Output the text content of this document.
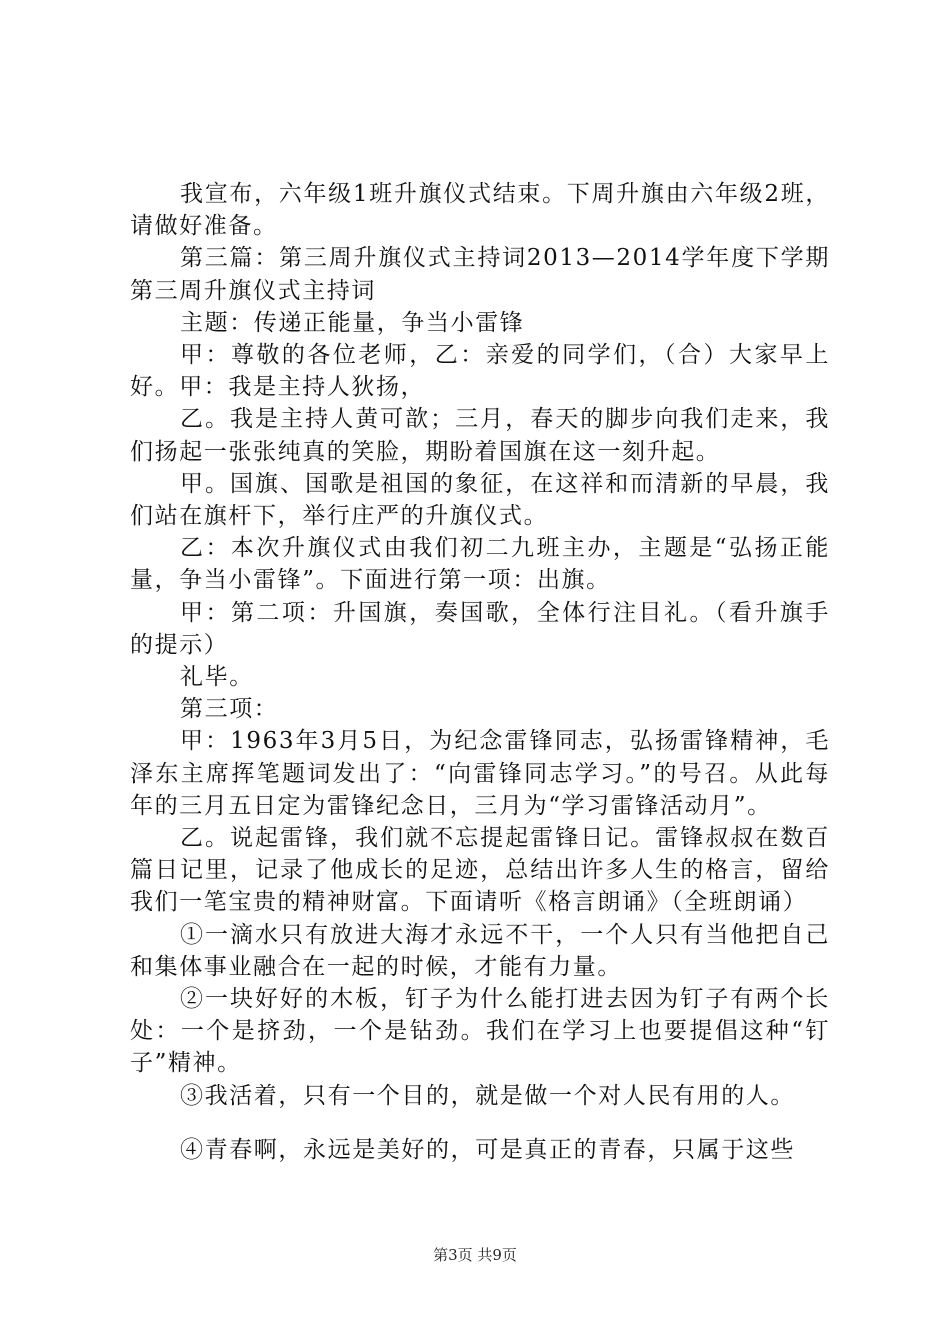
我宣布，六年级1班升旗仪式结束。下周升旗由六年级2班，请做好准备。

第三篇：第三周升旗仪式主持词2013—2014学年度下学期第三周升旗仪式主持词

主题：传递正能量，争当小雷锋

甲：尊敬的各位老师，乙：亲爱的同学们，（合）大家早上好。甲：我是主持人狄扬，

乙。我是主持人黄可歆；三月，春天的脚步向我们走来，我们扬起一张张纯真的笑脸，期盼着国旗在这一刻升起。

甲。国旗、国歌是祖国的象征，在这祥和而清新的早晨，我们站在旗杆下，举行庄严的升旗仪式。

乙：本次升旗仪式由我们初二九班主办，主题是“弘扬正能量，争当小雷锋”。下面进行第一项：出旗。

甲：第二项：升国旗，奏国歌，全体行注目礼。（看升旗手的提示）

礼毕。

第三项：

甲：1963年3月5日，为纪念雷锋同志，弘扬雷锋精神，毛泽东主席挥笔题词发出了：“向雷锋同志学习。”的号召。从此每年的三月五日定为雷锋纪念日，三月为“学习雷锋活动月”。

乙。说起雷锋，我们就不忘提起雷锋日记。雷锋叔叔在数百篇日记里，记录了他成长的足迹，总结出许多人生的格言，留给我们一笔宝贵的精神财富。下面请听《格言朗诵》（全班朗诵）

①一滴水只有放进大海才永远不干，一个人只有当他把自己和集体事业融合在一起的时候，才能有力量。

②一块好好的木板，钉子为什么能打进去因为钉子有两个长处：一个是挤劲，一个是钻劲。我们在学习上也要提倡这种“钉子”精神。

③我活着，只有一个目的，就是做一个对人民有用的人。

④青春啊，永远是美好的，可是真正的青春，只属于这些

第3页 共9页
